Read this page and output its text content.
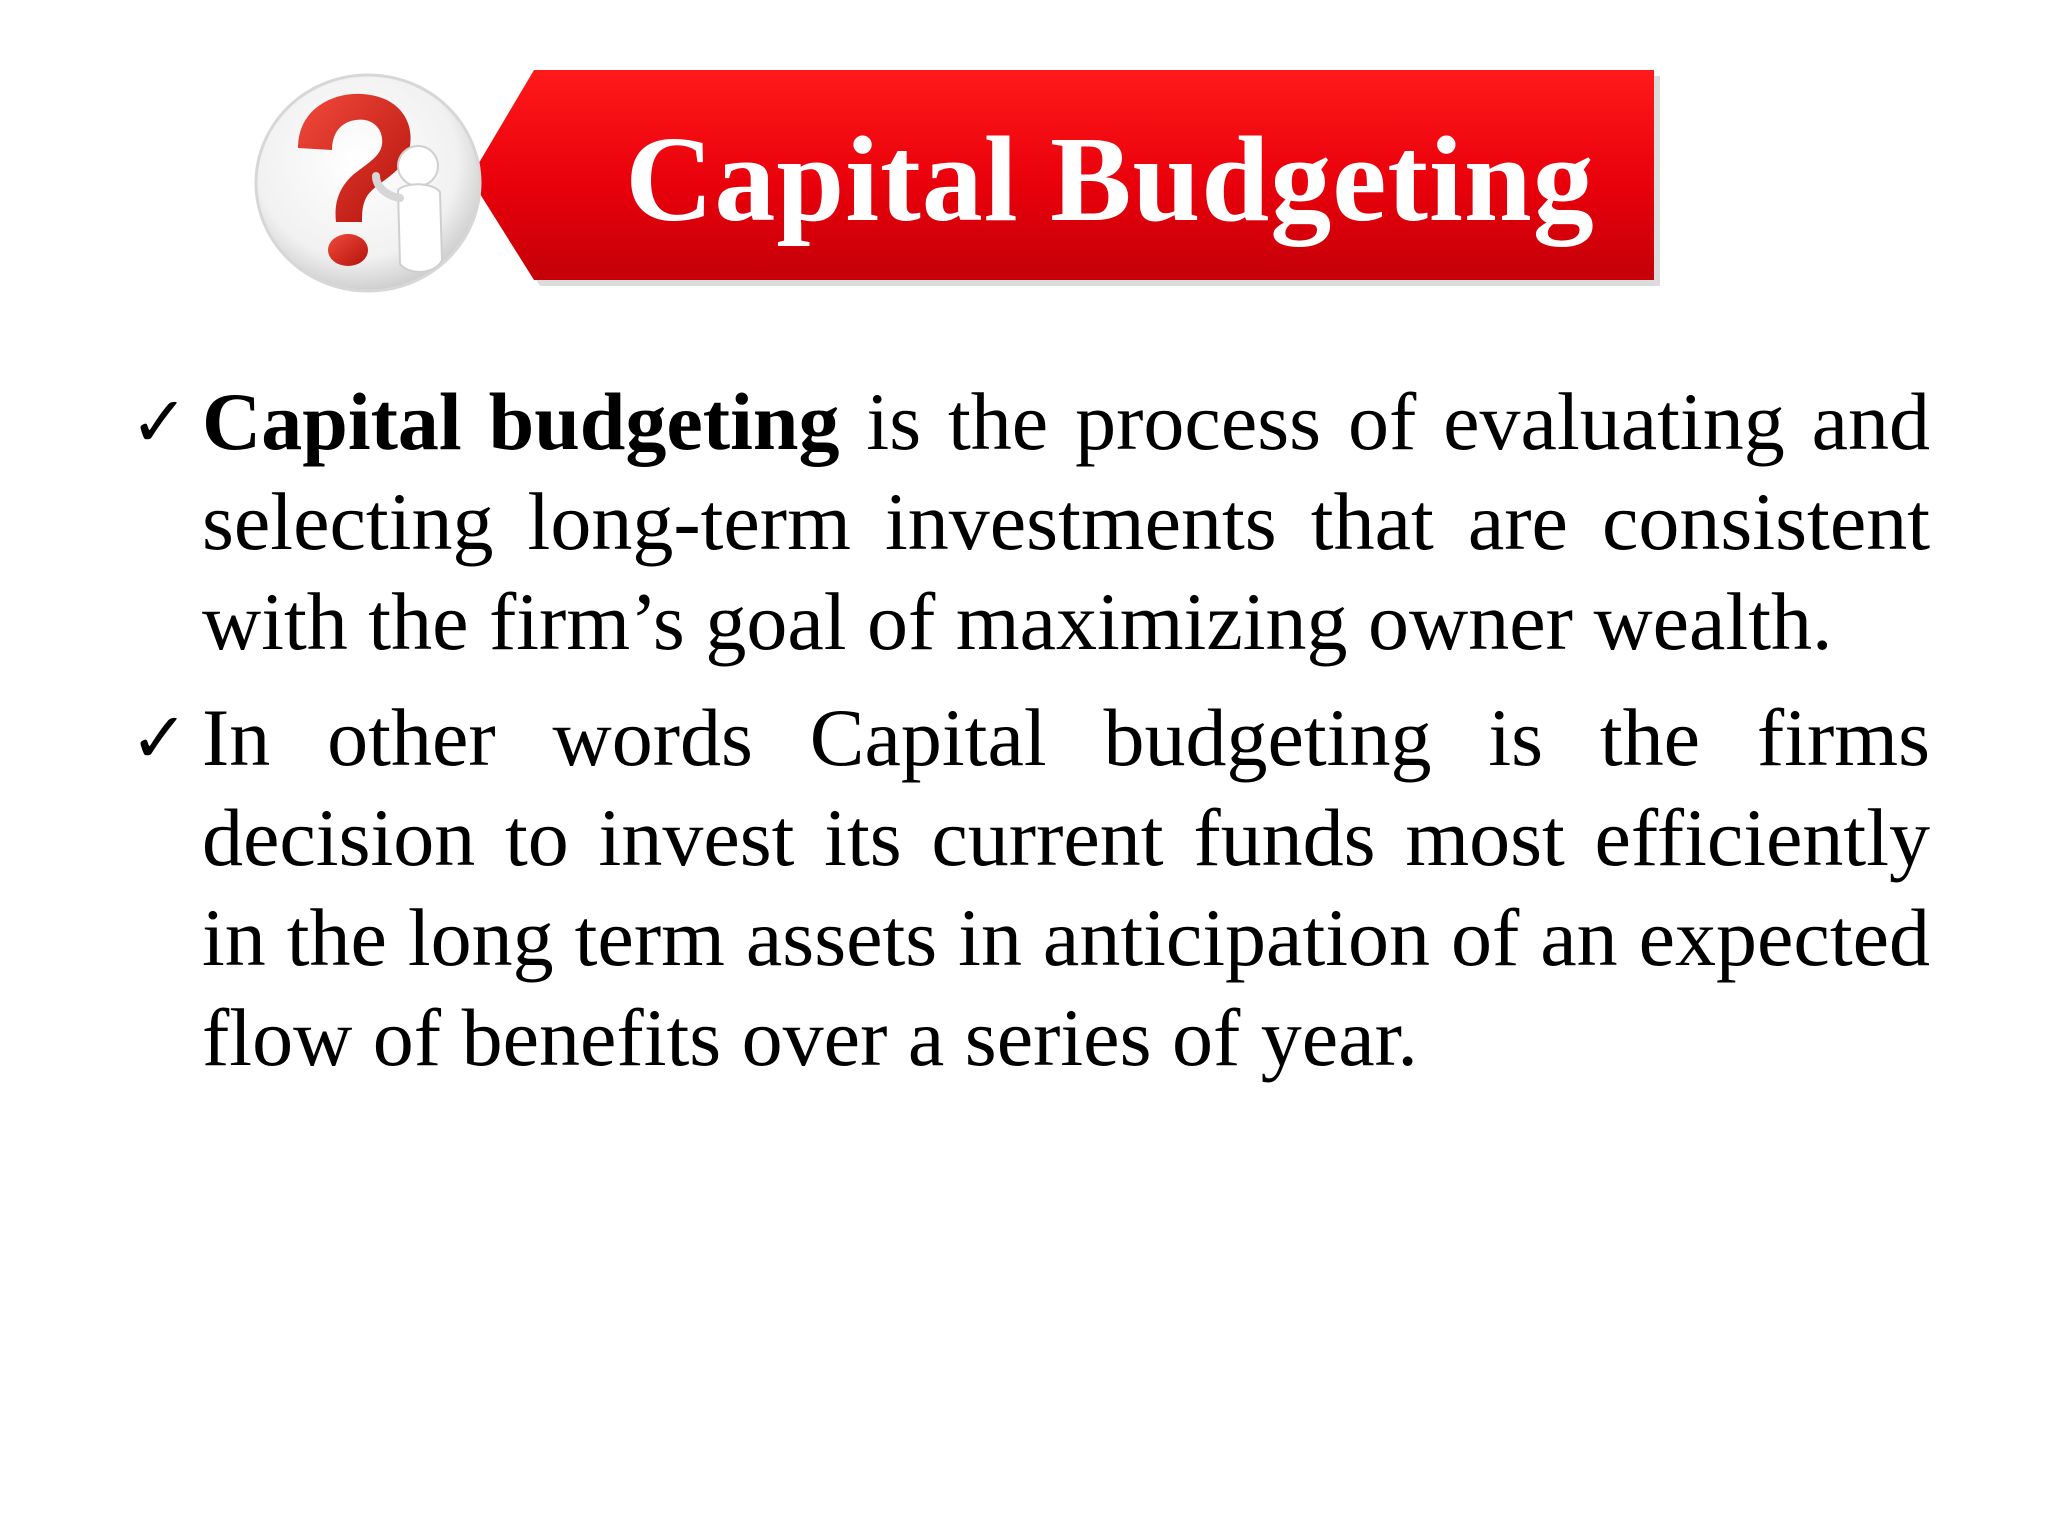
Capital Budgeting
✓ Capital budgeting is the process of evaluating and selecting long-term investments that are consistent with the firm’s goal of maximizing owner wealth.
✓ In other words Capital budgeting is the firms decision to invest its current funds most efficiently in the long term assets in anticipation of an expected flow of benefits over a series of year.
